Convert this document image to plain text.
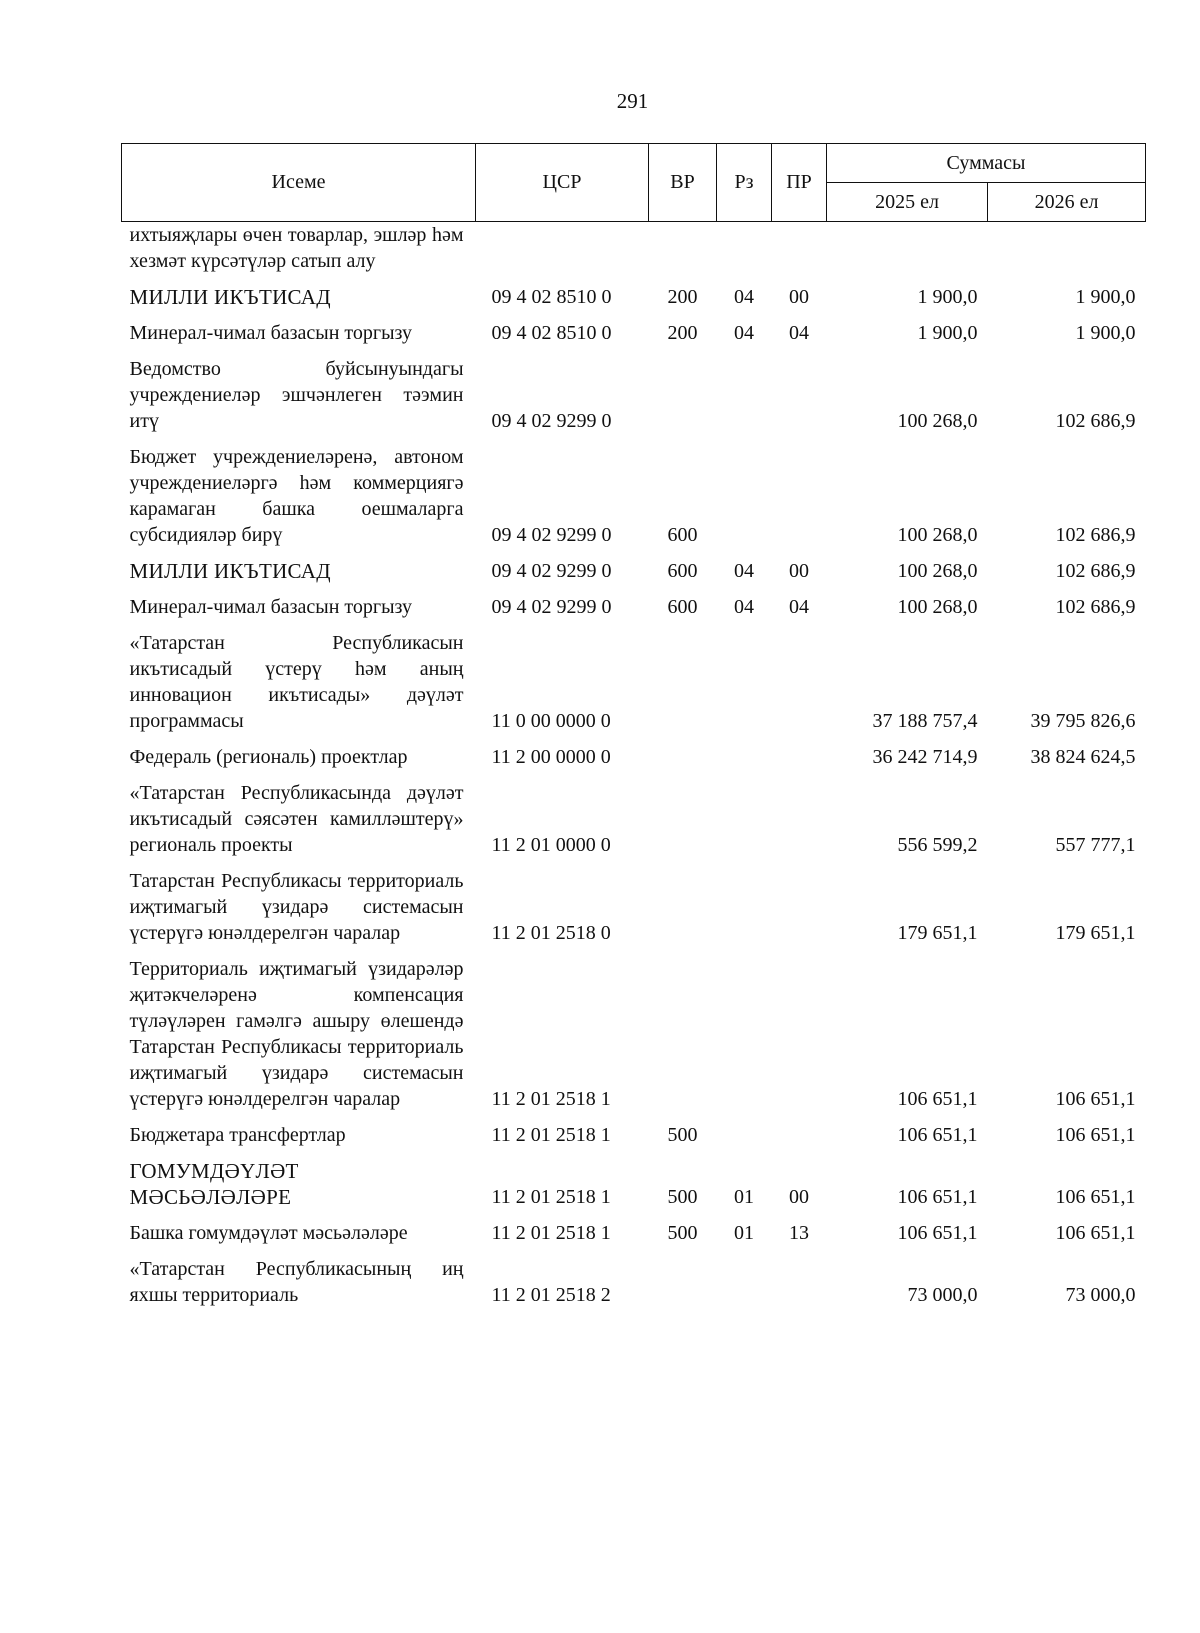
291
Исеме	ЦСР	ВР	Рз	ПР	Суммасы	
					2025 ел	2026 ел
ихтыяҗлары өчен товарлар, эшләр һәм хезмәт күрсәтүләр сатып алу						
МИЛЛИ ИКЪТИСАД	09 4 02 8510 0	200	04	00	1 900,0	1 900,0
Минерал-чимал базасын торгызу	09 4 02 8510 0	200	04	04	1 900,0	1 900,0
Ведомство буйсынуындагы учреждениеләр эшчәнлеген тәэмин итү	09 4 02 9299 0				100 268,0	102 686,9
Бюджет учреждениеләренә, автоном учреждениеләргә һәм коммерциягә карамаган башка оешмаларга субсидияләр бирү	09 4 02 9299 0	600			100 268,0	102 686,9
МИЛЛИ ИКЪТИСАД	09 4 02 9299 0	600	04	00	100 268,0	102 686,9
Минерал-чимал базасын торгызу	09 4 02 9299 0	600	04	04	100 268,0	102 686,9
«Татарстан Республикасын икътисадый үстерү һәм аның инновацион икътисады» дәүләт программасы	11 0 00 0000 0				37 188 757,4	39 795 826,6
Федераль (региональ) проектлар	11 2 00 0000 0				36 242 714,9	38 824 624,5
«Татарстан Республикасында дәүләт икътисадый сәясәтен камилләштерү» региональ проекты	11 2 01 0000 0				556 599,2	557 777,1
Татарстан Республикасы территориаль иҗтимагый үзидарә системасын үстерүгә юнәлдерелгән чаралар	11 2 01 2518 0				179 651,1	179 651,1
Территориаль иҗтимагый үзидарәләр җитәкчеләренә компенсация түләүләрен гамәлгә ашыру өлешендә Татарстан Республикасы территориаль иҗтимагый үзидарә системасын үстерүгә юнәлдерелгән чаралар	11 2 01 2518 1				106 651,1	106 651,1
Бюджетара трансфертлар	11 2 01 2518 1	500			106 651,1	106 651,1
ГОМУМДӘҮЛӘТ МӘСЬӘЛӘЛӘРЕ	11 2 01 2518 1	500	01	00	106 651,1	106 651,1
Башка гомумдәүләт мәсьәләләре	11 2 01 2518 1	500	01	13	106 651,1	106 651,1
«Татарстан Республикасының иң яхшы территориаль	11 2 01 2518 2				73 000,0	73 000,0
